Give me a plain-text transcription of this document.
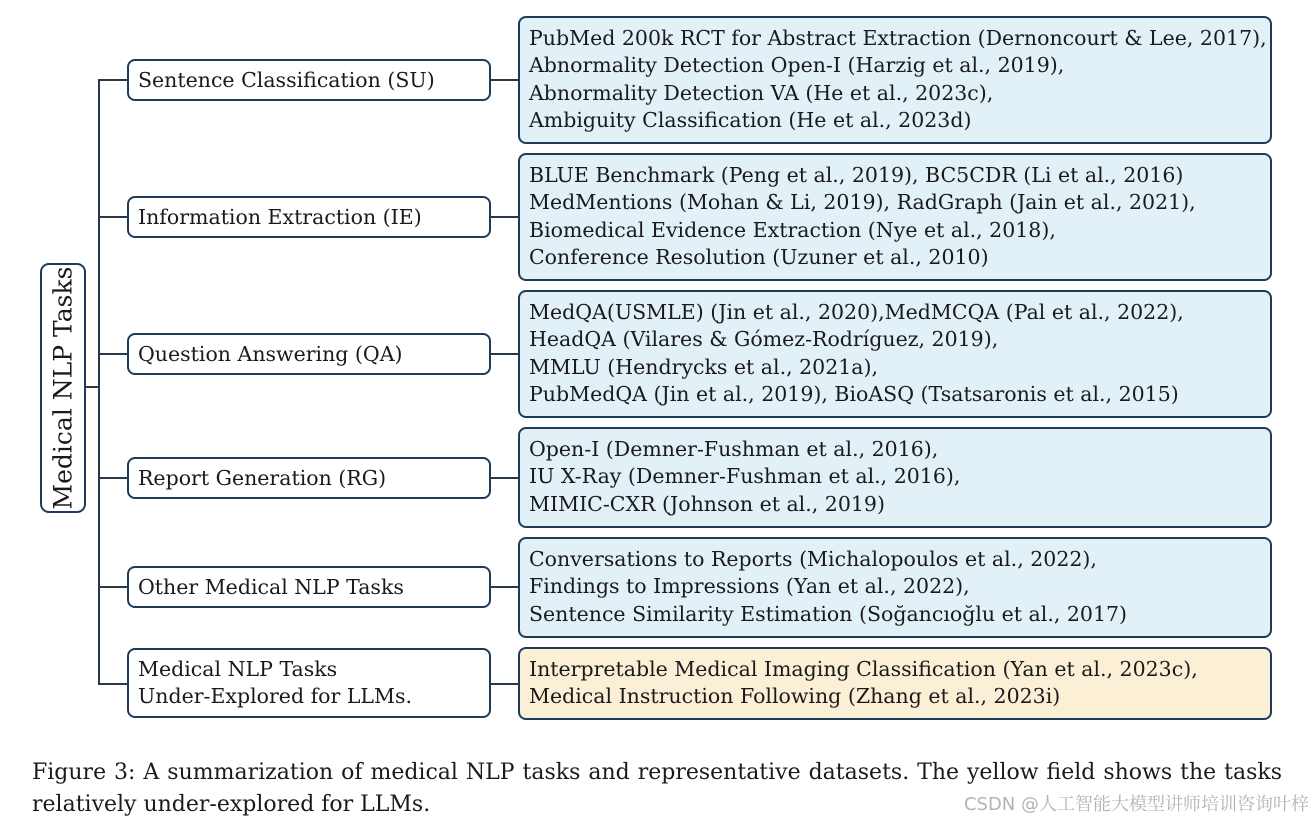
Medical NLP Tasks
Sentence Classification (SU)
Information Extraction (IE)
Question Answering (QA)
Report Generation (RG)
Other Medical NLP Tasks
Medical NLP Tasks
Under-Explored for LLMs.
PubMed 200k RCT for Abstract Extraction (Dernoncourt & Lee, 2017),
Abnormality Detection Open-I (Harzig et al., 2019),
Abnormality Detection VA (He et al., 2023c),
Ambiguity Classification (He et al., 2023d)
BLUE Benchmark (Peng et al., 2019), BC5CDR (Li et al., 2016)
MedMentions (Mohan & Li, 2019), RadGraph (Jain et al., 2021),
Biomedical Evidence Extraction (Nye et al., 2018),
Conference Resolution (Uzuner et al., 2010)
MedQA(USMLE) (Jin et al., 2020),MedMCQA (Pal et al., 2022),
HeadQA (Vilares & Gómez-Rodríguez, 2019),
MMLU (Hendrycks et al., 2021a),
PubMedQA (Jin et al., 2019), BioASQ (Tsatsaronis et al., 2015)
Open-I (Demner-Fushman et al., 2016),
IU X-Ray (Demner-Fushman et al., 2016),
MIMIC-CXR (Johnson et al., 2019)
Conversations to Reports (Michalopoulos et al., 2022),
Findings to Impressions (Yan et al., 2022),
Sentence Similarity Estimation (Soğancıoğlu et al., 2017)
Interpretable Medical Imaging Classification (Yan et al., 2023c),
Medical Instruction Following (Zhang et al., 2023i)
Figure 3: A summarization of medical NLP tasks and representative datasets. The yellow field shows the tasks relatively under-explored for LLMs.	CSDN @人工智能大模型讲师培训咨询叶梓
